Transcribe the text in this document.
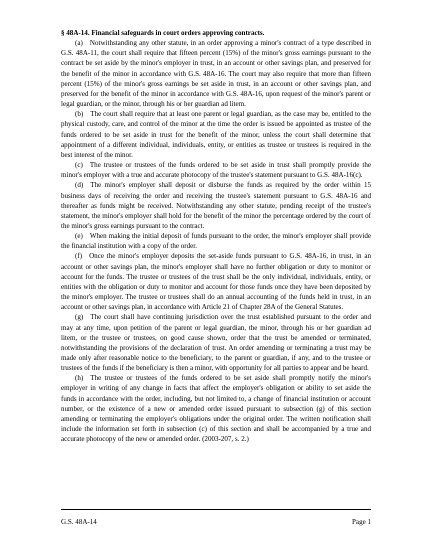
§ 48A-14. Financial safeguards in court orders approving contracts.

(a) Notwithstanding any other statute, in an order approving a minor's contract of a type described in G.S. 48A-11, the court shall require that fifteen percent (15%) of the minor's gross earnings pursuant to the contract be set aside by the minor's employer in trust, in an account or other savings plan, and preserved for the benefit of the minor in accordance with G.S. 48A-16. The court may also require that more than fifteen percent (15%) of the minor's gross earnings be set aside in trust, in an account or other savings plan, and preserved for the benefit of the minor in accordance with G.S. 48A-16, upon request of the minor's parent or legal guardian, or the minor, through his or her guardian ad litem.

(b) The court shall require that at least one parent or legal guardian, as the case may be, entitled to the physical custody, care, and control of the minor at the time the order is issued be appointed as trustee of the funds ordered to be set aside in trust for the benefit of the minor, unless the court shall determine that appointment of a different individual, individuals, entity, or entities as trustee or trustees is required in the best interest of the minor.

(c) The trustee or trustees of the funds ordered to be set aside in trust shall promptly provide the minor's employer with a true and accurate photocopy of the trustee's statement pursuant to G.S. 48A-16(c).

(d) The minor's employer shall deposit or disburse the funds as required by the order within 15 business days of receiving the order and receiving the trustee's statement pursuant to G.S. 48A-16 and thereafter as funds might be received. Notwithstanding any other statute, pending receipt of the trustee's statement, the minor's employer shall hold for the benefit of the minor the percentage ordered by the court of the minor's gross earnings pursuant to the contract.

(e) When making the initial deposit of funds pursuant to the order, the minor's employer shall provide the financial institution with a copy of the order.

(f) Once the minor's employer deposits the set-aside funds pursuant to G.S. 48A-16, in trust, in an account or other savings plan, the minor's employer shall have no further obligation or duty to monitor or account for the funds. The trustee or trustees of the trust shall be the only individual, individuals, entity, or entities with the obligation or duty to monitor and account for those funds once they have been deposited by the minor's employer. The trustee or trustees shall do an annual accounting of the funds held in trust, in an account or other savings plan, in accordance with Article 21 of Chapter 28A of the General Statutes.

(g) The court shall have continuing jurisdiction over the trust established pursuant to the order and may at any time, upon petition of the parent or legal guardian, the minor, through his or her guardian ad litem, or the trustee or trustees, on good cause shown, order that the trust be amended or terminated, notwithstanding the provisions of the declaration of trust. An order amending or terminating a trust may be made only after reasonable notice to the beneficiary, to the parent or guardian, if any, and to the trustee or trustees of the funds if the beneficiary is then a minor, with opportunity for all parties to appear and be heard.

(h) The trustee or trustees of the funds ordered to be set aside shall promptly notify the minor's employer in writing of any change in facts that affect the employer's obligation or ability to set aside the funds in accordance with the order, including, but not limited to, a change of financial institution or account number, or the existence of a new or amended order issued pursuant to subsection (g) of this section amending or terminating the employer's obligations under the original order. The written notification shall include the information set forth in subsection (c) of this section and shall be accompanied by a true and accurate photocopy of the new or amended order. (2003-207, s. 2.)

G.S. 48A-14	Page 1
